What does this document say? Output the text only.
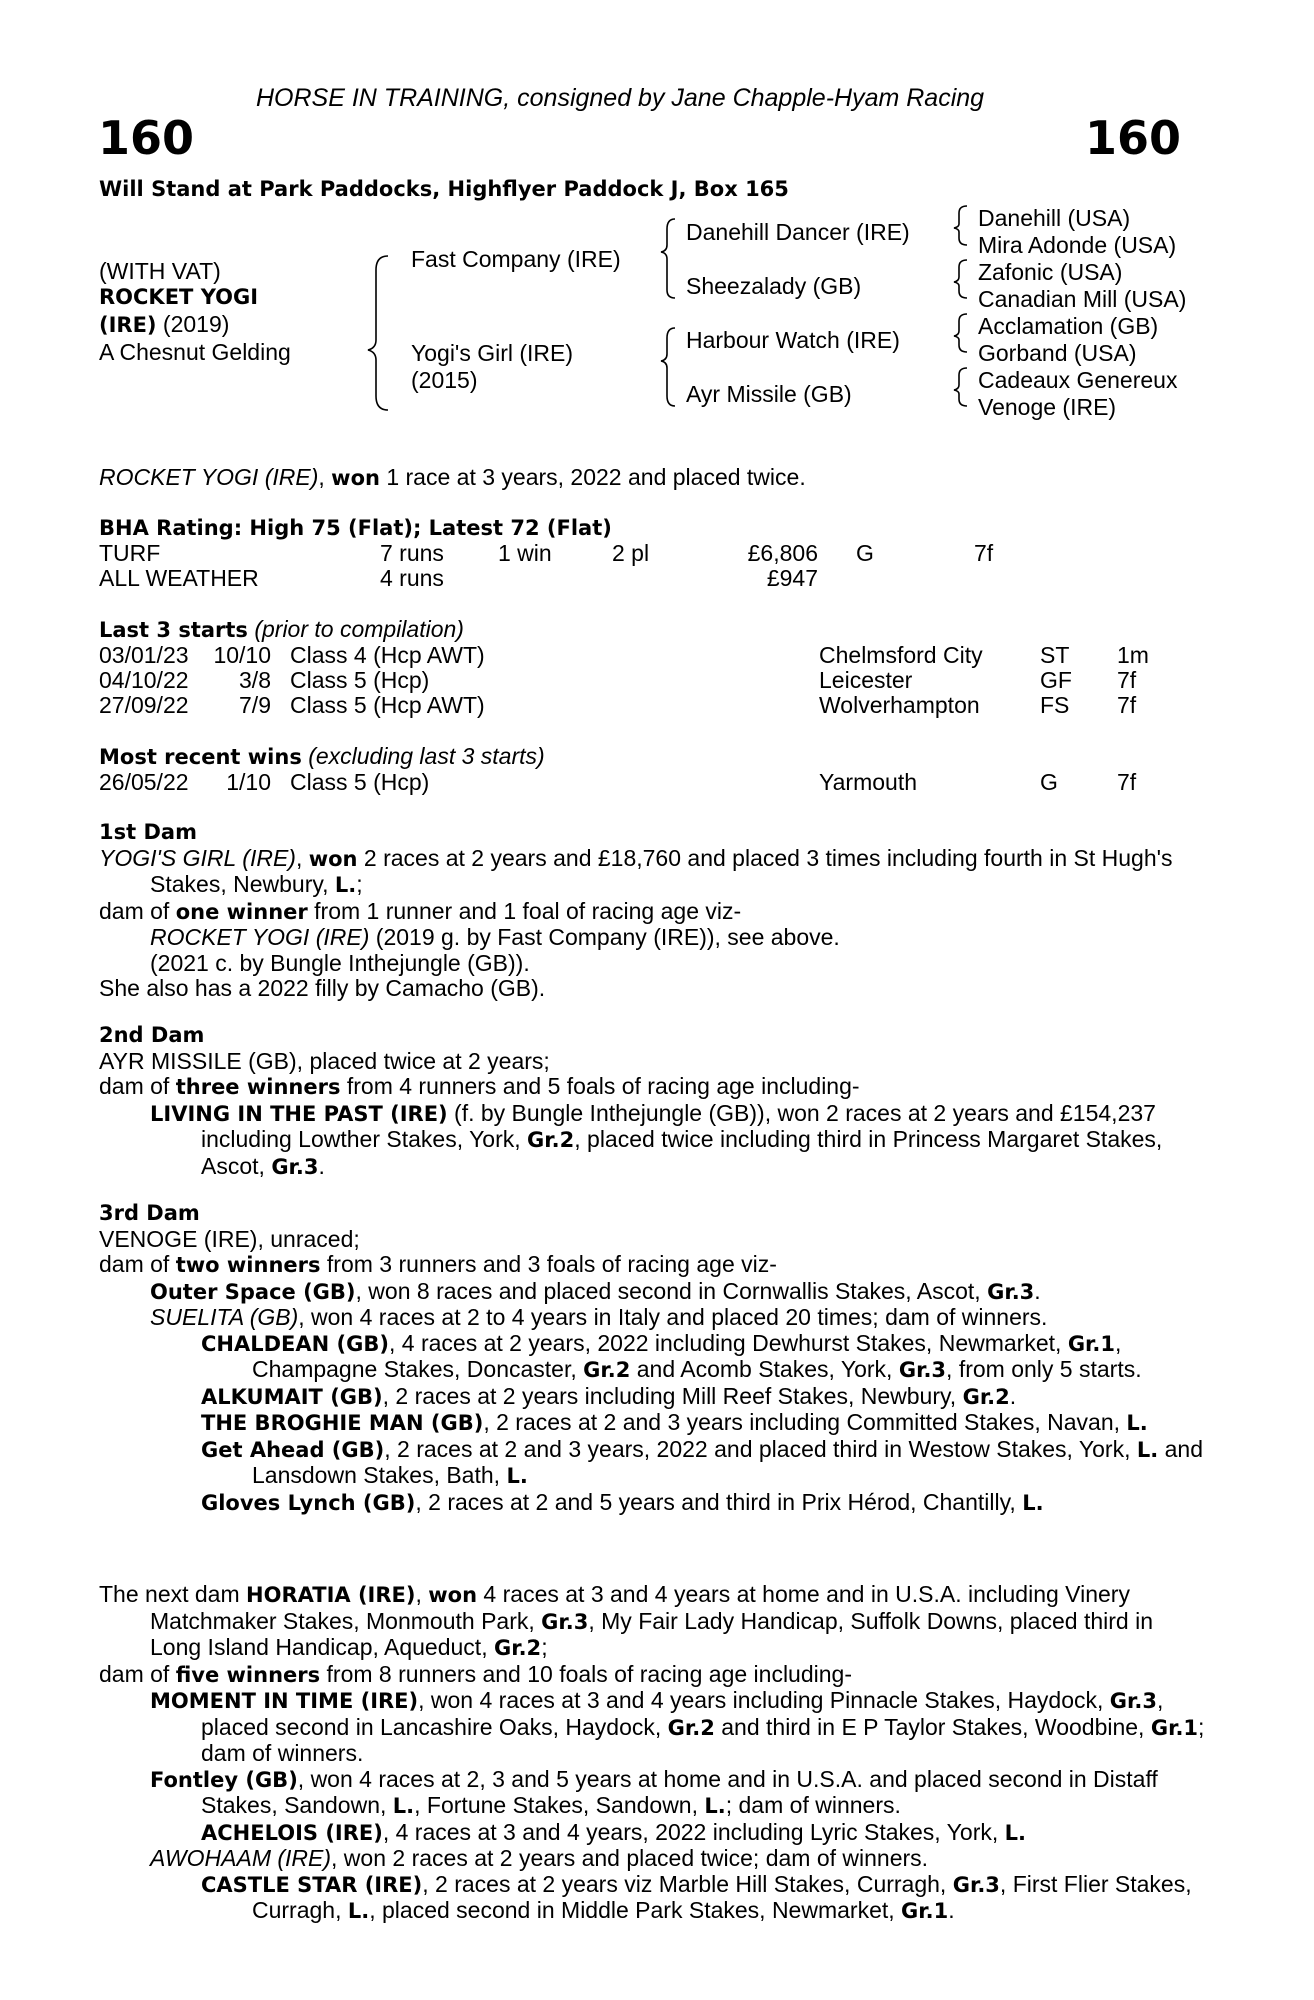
HORSE IN TRAINING, consigned by Jane Chapple-Hyam Racing
160	160
Will Stand at Park Paddocks, Highflyer Paddock J, Box 165
(WITH VAT)
ROCKET YOGI
(IRE) (2019)
A Chesnut Gelding
Fast Company (IRE)
Yogi's Girl (IRE)
(2015)
Danehill Dancer (IRE)
Sheezalady (GB)
Harbour Watch (IRE)
Ayr Missile (GB)
Danehill (USA)
Mira Adonde (USA)
Zafonic (USA)
Canadian Mill (USA)
Acclamation (GB)
Gorband (USA)
Cadeaux Genereux
Venoge (IRE)
ROCKET YOGI (IRE), won 1 race at 3 years, 2022 and placed twice.
BHA Rating: High 75 (Flat); Latest 72 (Flat)
TURF	7 runs 1 win	2 pl	£6,806 G	7f
ALL WEATHER	4 runs	£947
Last 3 starts (prior to compilation)
03/01/23	10/10 Class 4 (Hcp AWT)	Chelmsford City ST 1m
04/10/22	3/8 Class 5 (Hcp)	Leicester	GF 7f
27/09/22	7/9 Class 5 (Hcp AWT)	Wolverhampton	FS 7f
Most recent wins (excluding last 3 starts)
26/05/22	1/10 Class 5 (Hcp)	Yarmouth	G	7f
1st Dam
YOGI'S GIRL (IRE), won 2 races at 2 years and £18,760 and placed 3 times including fourth in St Hugh's Stakes, Newbury, L.;
dam of one winner from 1 runner and 1 foal of racing age viz-
ROCKET YOGI (IRE) (2019 g. by Fast Company (IRE)), see above.
(2021 c. by Bungle Inthejungle (GB)).
She also has a 2022 filly by Camacho (GB).
2nd Dam
AYR MISSILE (GB), placed twice at 2 years;
dam of three winners from 4 runners and 5 foals of racing age including-
LIVING IN THE PAST (IRE) (f. by Bungle Inthejungle (GB)), won 2 races at 2 years and £154,237 including Lowther Stakes, York, Gr.2, placed twice including third in Princess Margaret Stakes, Ascot, Gr.3.
3rd Dam
VENOGE (IRE), unraced;
dam of two winners from 3 runners and 3 foals of racing age viz-
Outer Space (GB), won 8 races and placed second in Cornwallis Stakes, Ascot, Gr.3.
SUELITA (GB), won 4 races at 2 to 4 years in Italy and placed 20 times; dam of winners.
CHALDEAN (GB), 4 races at 2 years, 2022 including Dewhurst Stakes, Newmarket, Gr.1, Champagne Stakes, Doncaster, Gr.2 and Acomb Stakes, York, Gr.3, from only 5 starts.
ALKUMAIT (GB), 2 races at 2 years including Mill Reef Stakes, Newbury, Gr.2.
THE BROGHIE MAN (GB), 2 races at 2 and 3 years including Committed Stakes, Navan, L.
Get Ahead (GB), 2 races at 2 and 3 years, 2022 and placed third in Westow Stakes, York, L. and Lansdown Stakes, Bath, L.
Gloves Lynch (GB), 2 races at 2 and 5 years and third in Prix Hérod, Chantilly, L.
The next dam HORATIA (IRE), won 4 races at 3 and 4 years at home and in U.S.A. including Vinery Matchmaker Stakes, Monmouth Park, Gr.3, My Fair Lady Handicap, Suffolk Downs, placed third in Long Island Handicap, Aqueduct, Gr.2;
dam of five winners from 8 runners and 10 foals of racing age including-
MOMENT IN TIME (IRE), won 4 races at 3 and 4 years including Pinnacle Stakes, Haydock, Gr.3, placed second in Lancashire Oaks, Haydock, Gr.2 and third in E P Taylor Stakes, Woodbine, Gr.1; dam of winners.
Fontley (GB), won 4 races at 2, 3 and 5 years at home and in U.S.A. and placed second in Distaff Stakes, Sandown, L., Fortune Stakes, Sandown, L.; dam of winners.
ACHELOIS (IRE), 4 races at 3 and 4 years, 2022 including Lyric Stakes, York, L.
AWOHAAM (IRE), won 2 races at 2 years and placed twice; dam of winners.
CASTLE STAR (IRE), 2 races at 2 years viz Marble Hill Stakes, Curragh, Gr.3, First Flier Stakes, Curragh, L., placed second in Middle Park Stakes, Newmarket, Gr.1.
